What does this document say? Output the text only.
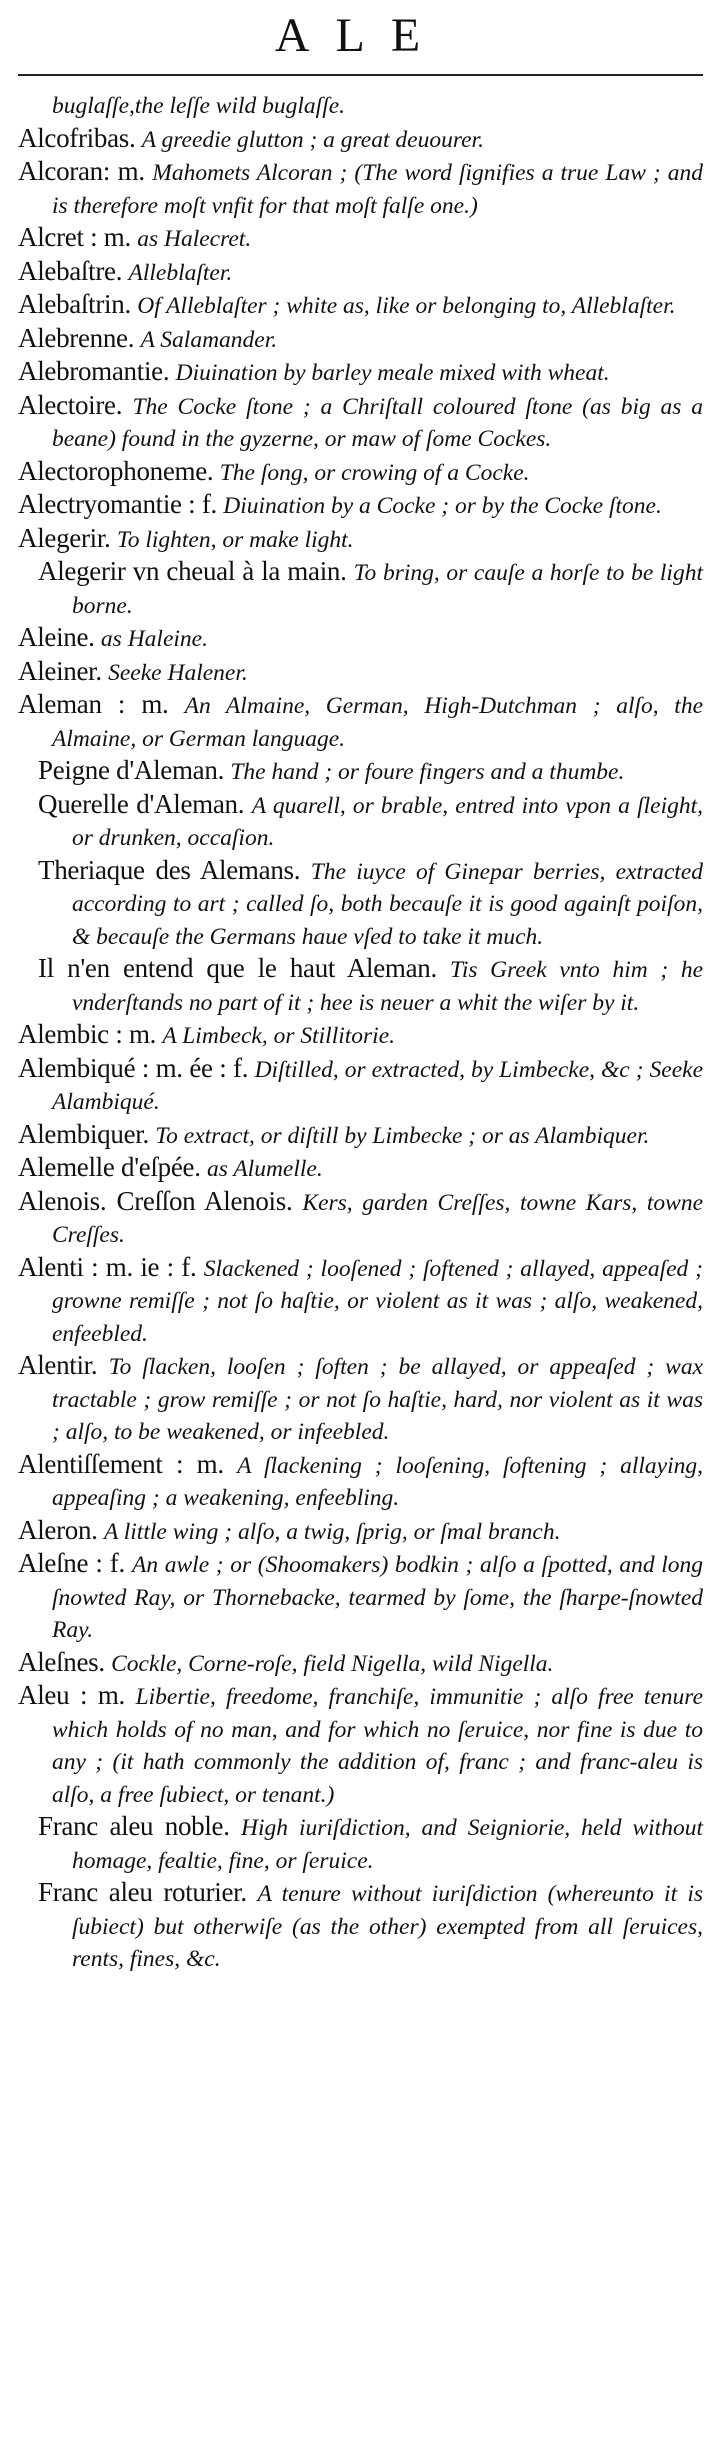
ALE

buglaſſe,the leſſe wild buglaſſe.

Alcofribas. A greedie glutton ; a great deuourer.

Alcoran: m. Mahomets Alcoran ; (The word ſignifies a true Law ; and is therefore moſt vnfit for that moſt falſe one.)

Alcret : m. as Halecret.

Alebaſtre. Alleblaſter.

Alebaſtrin. Of Alleblaſter ; white as, like or belonging to, Alleblaſter.

Alebrenne. A Salamander.

Alebromantie. Diuination by barley meale mixed with wheat.

Alectoire. The Cocke ſtone ; a Chriſtall coloured ſtone (as big as a beane) found in the gyzerne, or maw of ſome Cockes.

Alectorophoneme. The ſong, or crowing of a Cocke.

Alectryomantie : f. Diuination by a Cocke ; or by the Cocke ſtone.

Alegerir. To lighten, or make light.

Alegerir vn cheual à la main. To bring, or cauſe a horſe to be light borne.

Aleine. as Haleine.

Aleiner. Seeke Halener.

Aleman : m. An Almaine, German, High-Dutchman ; alſo, the Almaine, or German language.

Peigne d'Aleman. The hand ; or foure fingers and a thumbe.

Querelle d'Aleman. A quarell, or brable, entred into vpon a ſleight, or drunken, occaſion.

Theriaque des Alemans. The iuyce of Ginepar berries, extracted according to art ; called ſo, both becauſe it is good againſt poiſon, & becauſe the Germans haue vſed to take it much.

Il n'en entend que le haut Aleman. Tis Greek vnto him ; he vnderſtands no part of it ; hee is neuer a whit the wiſer by it.

Alembic : m. A Limbeck, or Stillitorie.

Alembiqué : m. ée : f. Diſtilled, or extracted, by Limbecke, &c ; Seeke Alambiqué.

Alembiquer. To extract, or diſtill by Limbecke ; or as Alambiquer.

Alemelle d'eſpée. as Alumelle.

Alenois. Creſſon Alenois. Kers, garden Creſſes, towne Kars, towne Creſſes.

Alenti : m. ie : f. Slackened ; looſened ; ſoftened ; allayed, appeaſed ; growne remiſſe ; not ſo haſtie, or violent as it was ; alſo, weakened, enfeebled.

Alentir. To ſlacken, looſen ; ſoften ; be allayed, or appeaſed ; wax tractable ; grow remiſſe ; or not ſo haſtie, hard, nor violent as it was ; alſo, to be weakened, or infeebled.

Alentiſſement : m. A ſlackening ; looſening, ſoftening ; allaying, appeaſing ; a weakening, enfeebling.

Aleron. A little wing ; alſo, a twig, ſprig, or ſmal branch.

Aleſne : f. An awle ; or (Shoomakers) bodkin ; alſo a ſpotted, and long ſnowted Ray, or Thornebacke, tearmed by ſome, the ſharpe-ſnowted Ray.

Aleſnes. Cockle, Corne-roſe, field Nigella, wild Nigella.

Aleu : m. Libertie, freedome, franchiſe, immunitie ; alſo free tenure which holds of no man, and for which no ſeruice, nor fine is due to any ; (it hath commonly the addition of, franc ; and franc-aleu is alſo, a free ſubiect, or tenant.)

Franc aleu noble. High iuriſdiction, and Seigniorie, held without homage, fealtie, fine, or ſeruice.

Franc aleu roturier. A tenure without iuriſdiction (whereunto it is ſubiect) but otherwiſe (as the other) exempted from all ſeruices, rents, fines, &c.
